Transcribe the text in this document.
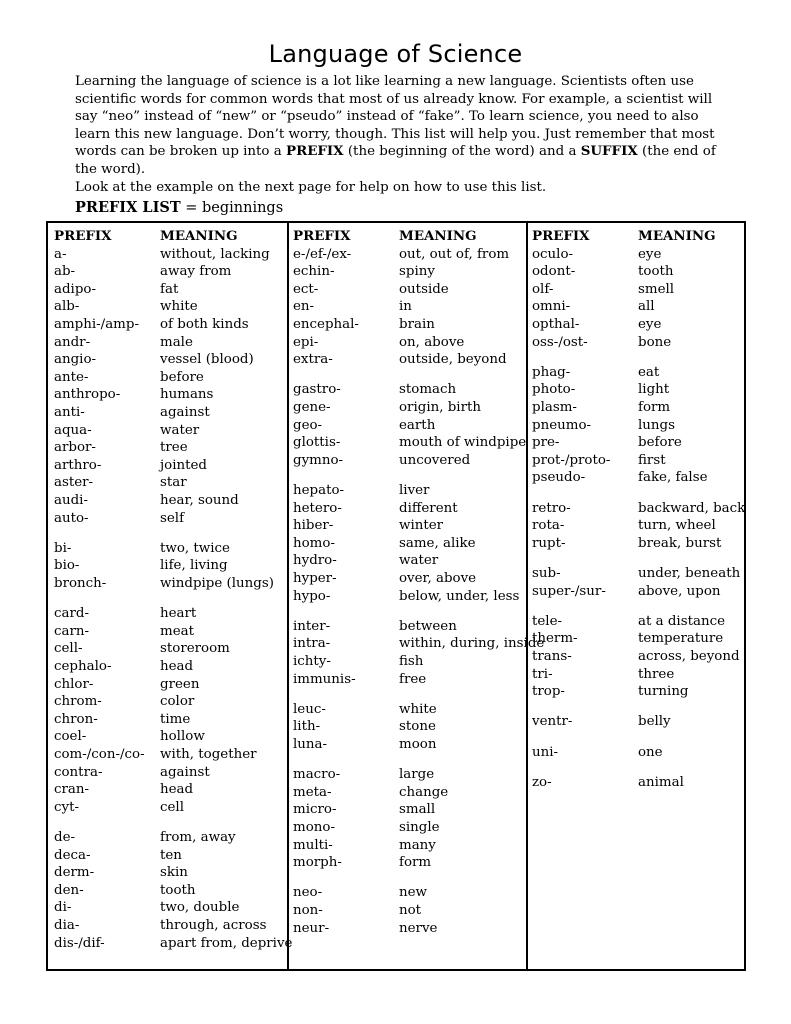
Language of Science

Learning the language of science is a lot like learning a new language. Scientists often use scientific words for common words that most of us already know. For example, a scientist will say “neo” instead of “new” or “pseudo” instead of “fake”. To learn science, you need to also learn this new language. Don’t worry, though. This list will help you. Just remember that most words can be broken up into a PREFIX (the beginning of the word) and a SUFFIX (the end of the word).

Look at the example on the next page for help on how to use this list.

PREFIX LIST = beginnings
PREFIX	MEANING
a-	without, lacking
ab-	away from
adipo-	fat
alb-	white
amphi-/amp- of both kinds
andr-	male
angio-	vessel (blood)
ante-	before
anthropo-	humans
anti-	against
aqua-	water
arbor-	tree
arthro-	jointed
aster-	star
audi-	hear, sound
auto-	self
bi-	two, twice
bio-	life, living
bronch-	windpipe (lungs)
card-	heart
carn-	meat
cell-	storeroom
cephalo-	head
chlor-	green
chrom-	color
chron-	time
coel-	hollow
com-/con-/co- with, together
contra-	against
cran-	head
cyt-	cell
de-	from, away
deca-	ten
derm-	skin
den-	tooth
di-	two, double
dia-	through, across
dis-/dif-	apart from, deprive
PREFIX	MEANING
e-/ef-/ex-	out, out of, from
echin-	spiny
ect-	outside
en-	in
encephal-	brain
epi-	on, above
extra-	outside, beyond
gastro-	stomach
gene-	origin, birth
geo-	earth
glottis-	mouth of windpipe
gymno-	uncovered
hepato-	liver
hetero-	different
hiber-	winter
homo-	same, alike
hydro-	water
hyper-	over, above
hypo-	below, under, less
inter-	between
intra-	within, during, inside
ichty-	fish
immunis-	free
leuc-	white
lith-	stone
luna-	moon
macro-	large
meta-	change
micro-	small
mono-	single
multi-	many
morph-	form
neo-	new
non-	not
neur-	nerve
PREFIX	MEANING
oculo-	eye
odont-	tooth
olf-	smell
omni-	all
opthal-	eye
oss-/ost-	bone
phag-	eat
photo-	light
plasm-	form
pneumo-	lungs
pre-	before
prot-/proto- first
pseudo-	fake, false
retro-	backward, back
rota-	turn, wheel
rupt-	break, burst
sub-	under, beneath
super-/sur- above, upon
tele-	at a distance
therm-	temperature
trans-	across, beyond
tri-	three
trop-	turning
ventr-	belly
uni-	one
zo-	animal
